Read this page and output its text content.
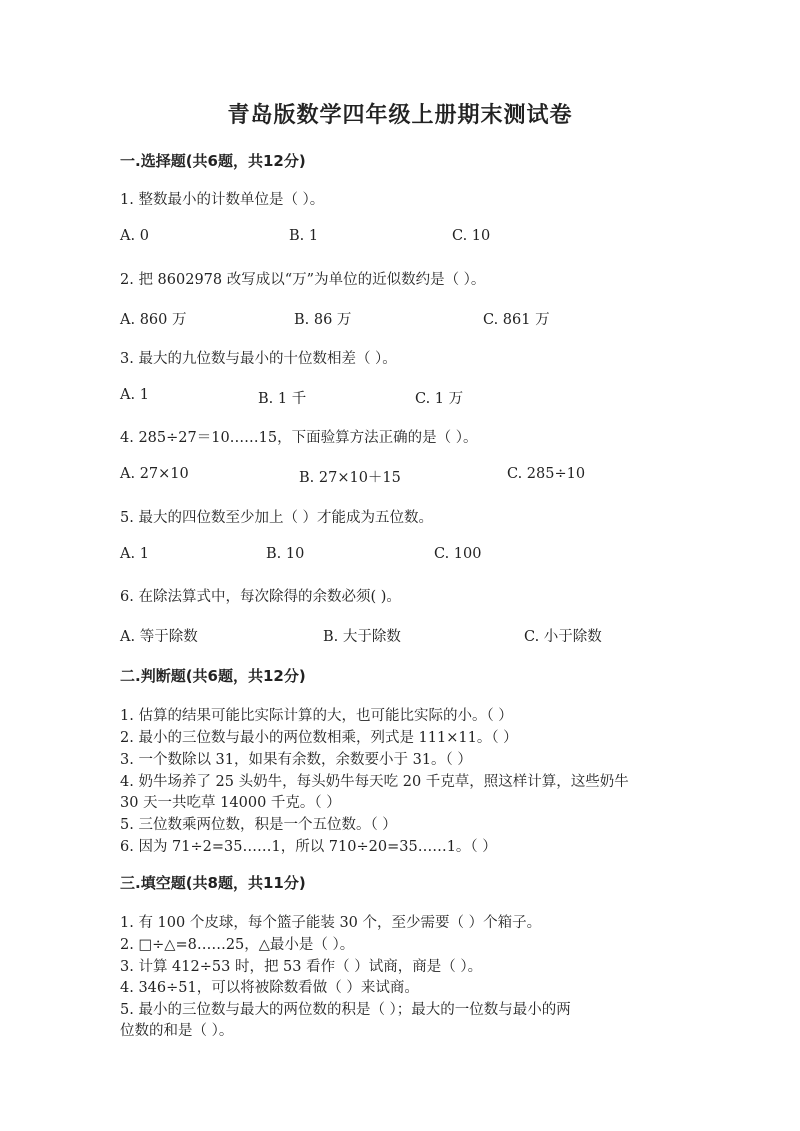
青岛版数学四年级上册期末测试卷
一.选择题(共6题，共12分)
1. 整数最小的计数单位是（ ）。
A. 0	B. 1	C. 10
2. 把 8602978 改写成以“万”为单位的近似数约是（ ）。
A. 860 万	B. 86 万	C. 861 万
3. 最大的九位数与最小的十位数相差（ ）。
A. 1	B. 1 千	C. 1 万
4. 285÷27＝10……15，下面验算方法正确的是（ ）。
A. 27×10	B. 27×10＋15	C. 285÷10
5. 最大的四位数至少加上（ ）才能成为五位数。
A. 1	B. 10	C. 100
6. 在除法算式中，每次除得的余数必须( )。
A. 等于除数	B. 大于除数	C. 小于除数
二.判断题(共6题，共12分)
1. 估算的结果可能比实际计算的大，也可能比实际的小。（ ）
2. 最小的三位数与最小的两位数相乘，列式是 111×11。（ ）
3. 一个数除以 31，如果有余数，余数要小于 31。（ ）
4. 奶牛场养了 25 头奶牛，每头奶牛每天吃 20 千克草，照这样计算，这些奶牛
30 天一共吃草 14000 千克。（ ）
5. 三位数乘两位数，积是一个五位数。（ ）
6. 因为 71÷2=35……1，所以 710÷20=35……1。（ ）
三.填空题(共8题，共11分)
1. 有 100 个皮球，每个篮子能装 30 个，至少需要（ ）个箱子。
2. □÷△=8……25，△最小是（ ）。
3. 计算 412÷53 时，把 53 看作（ ）试商，商是（ ）。
4. 346÷51，可以将被除数看做（ ）来试商。
5. 最小的三位数与最大的两位数的积是（ ）；最大的一位数与最小的两
位数的和是（ ）。
